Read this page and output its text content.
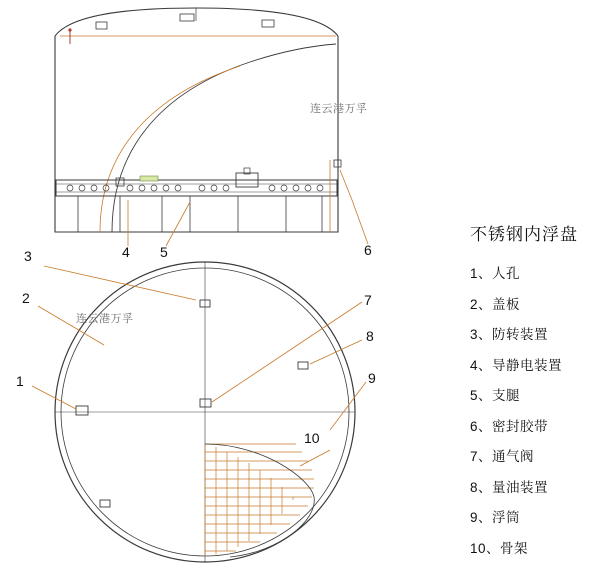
连云港万孚
连云港万孚
4 5	6
3
2
1
7
8
9
10
不锈钢内浮盘
1、人孔
2、盖板
3、防转装置
4、导静电装置
5、支腿
6、密封胶带
7、通气阀
8、量油装置
9、浮筒
10、骨架
